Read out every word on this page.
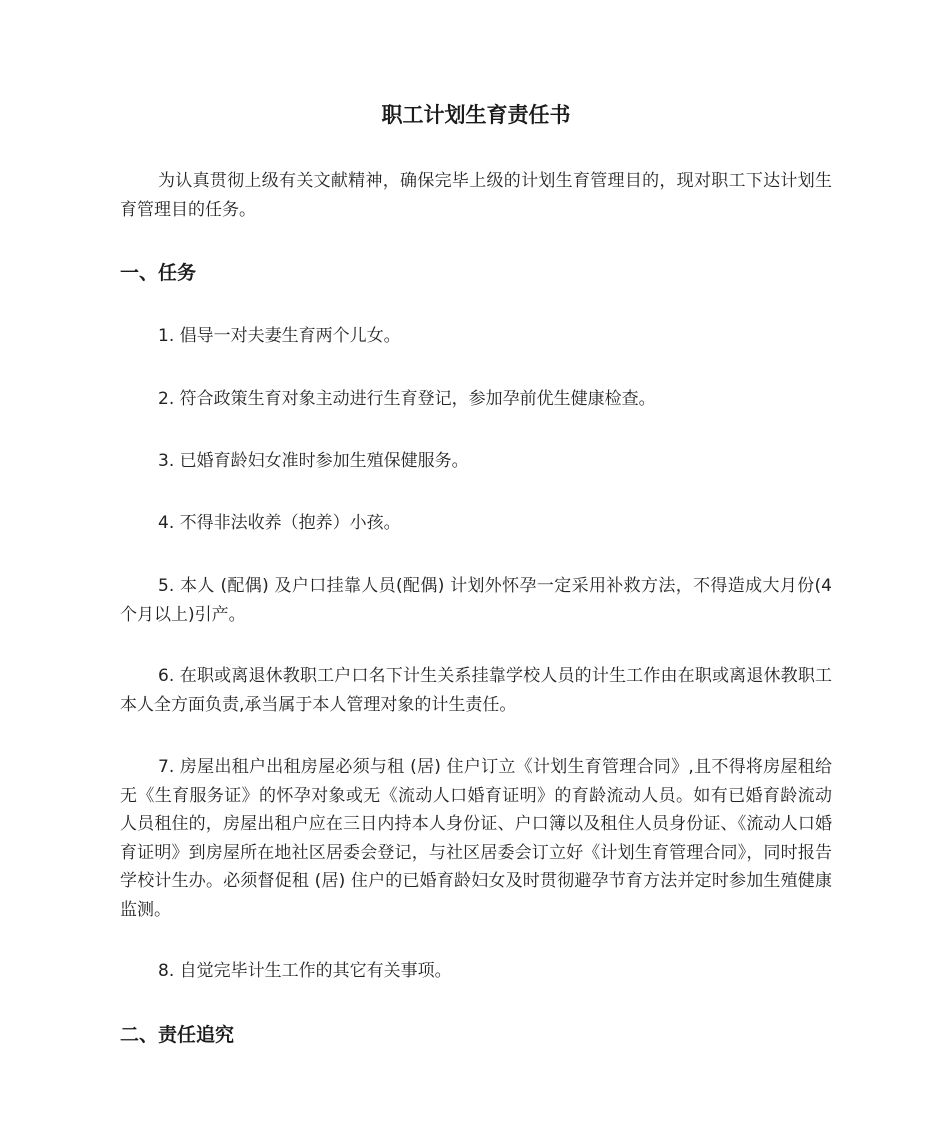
职工计划生育责任书

为认真贯彻上级有关文献精神，确保完毕上级的计划生育管理目的，现对职工下达计划生育管理目的任务。

一、任务

1. 倡导一对夫妻生育两个儿女。

2. 符合政策生育对象主动进行生育登记，参加孕前优生健康检查。

3. 已婚育龄妇女准时参加生殖保健服务。

4. 不得非法收养（抱养）小孩。

5. 本人 (配偶) 及户口挂靠人员(配偶) 计划外怀孕一定采用补救方法，不得造成大月份(4 个月以上)引产。

6. 在职或离退休教职工户口名下计生关系挂靠学校人员的计生工作由在职或离退休教职工本人全方面负责,承当属于本人管理对象的计生责任。

7. 房屋出租户出租房屋必须与租 (居) 住户订立《计划生育管理合同》,且不得将房屋租给无《生育服务证》的怀孕对象或无《流动人口婚育证明》的育龄流动人员。如有已婚育龄流动人员租住的，房屋出租户应在三日内持本人身份证、户口簿以及租住人员身份证、《流动人口婚育证明》到房屋所在地社区居委会登记，与社区居委会订立好《计划生育管理合同》，同时报告学校计生办。必须督促租 (居) 住户的已婚育龄妇女及时贯彻避孕节育方法并定时参加生殖健康监测。

8. 自觉完毕计生工作的其它有关事项。

二、责任追究
